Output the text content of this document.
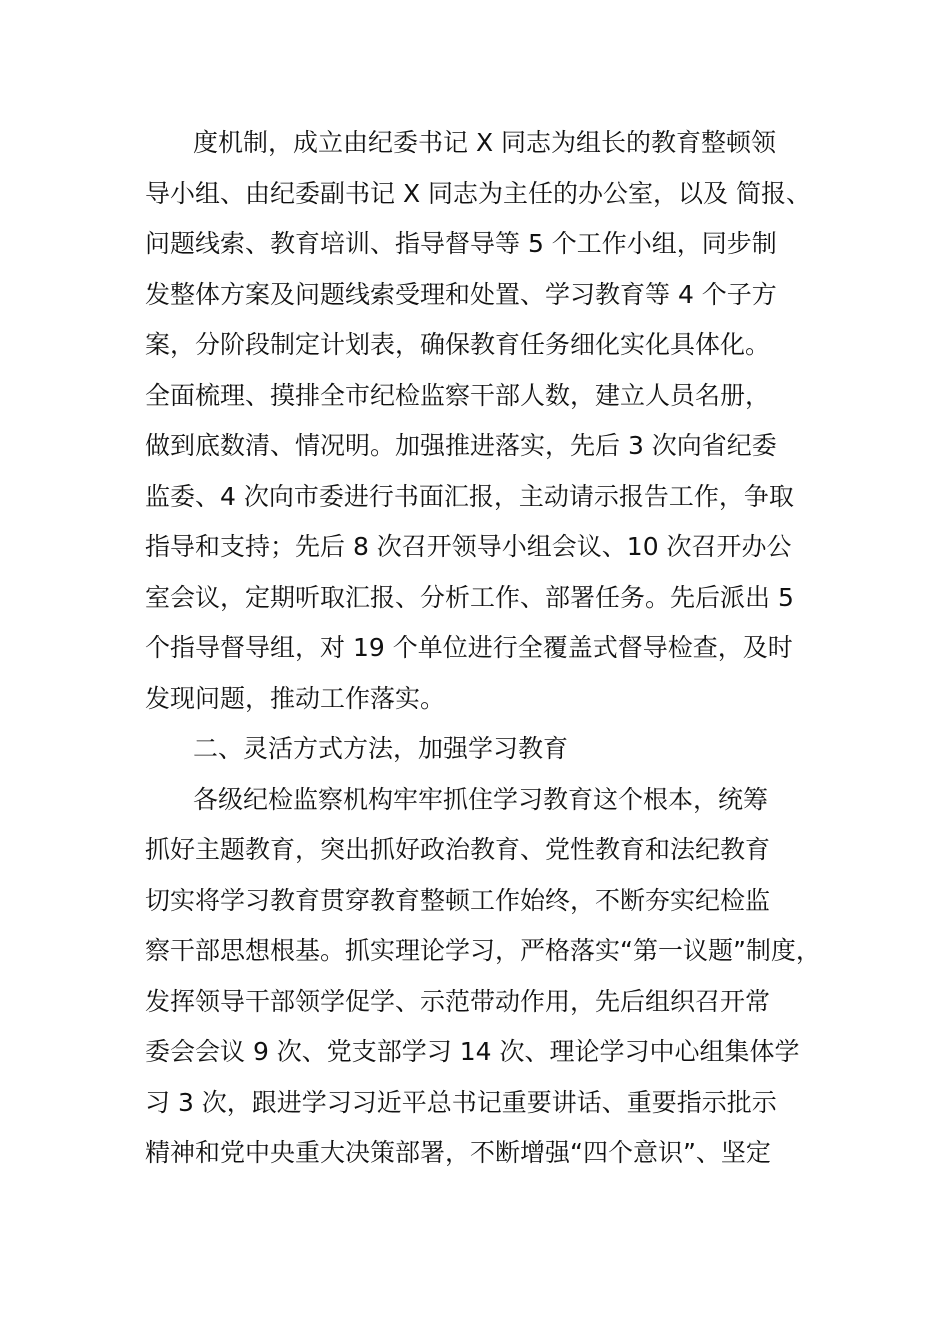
度机制，成立由纪委书记 X 同志为组长的教育整顿领
导小组、由纪委副书记 X 同志为主任的办公室，以及 简报、
问题线索、教育培训、指导督导等 5 个工作小组，同步制
发整体方案及问题线索受理和处置、学习教育等 4 个子方
案，分阶段制定计划表，确保教育任务细化实化具体化。
全面梳理、摸排全市纪检监察干部人数，建立人员名册，
做到底数清、情况明。加强推进落实，先后 3 次向省纪委
监委、4 次向市委进行书面汇报，主动请示报告工作，争取
指导和支持；先后 8 次召开领导小组会议、10 次召开办公
室会议，定期听取汇报、分析工作、部署任务。先后派出 5
个指导督导组，对 19 个单位进行全覆盖式督导检查，及时
发现问题，推动工作落实。
二、灵活方式方法，加强学习教育
各级纪检监察机构牢牢抓住学习教育这个根本，统筹
抓好主题教育，突出抓好政治教育、党性教育和法纪教育
切实将学习教育贯穿教育整顿工作始终，不断夯实纪检监
察干部思想根基。抓实理论学习，严格落实“第一议题”制度，
发挥领导干部领学促学、示范带动作用，先后组织召开常
委会会议 9 次、党支部学习 14 次、理论学习中心组集体学
习 3 次，跟进学习习近平总书记重要讲话、重要指示批示
精神和党中央重大决策部署，不断增强“四个意识”、坚定
